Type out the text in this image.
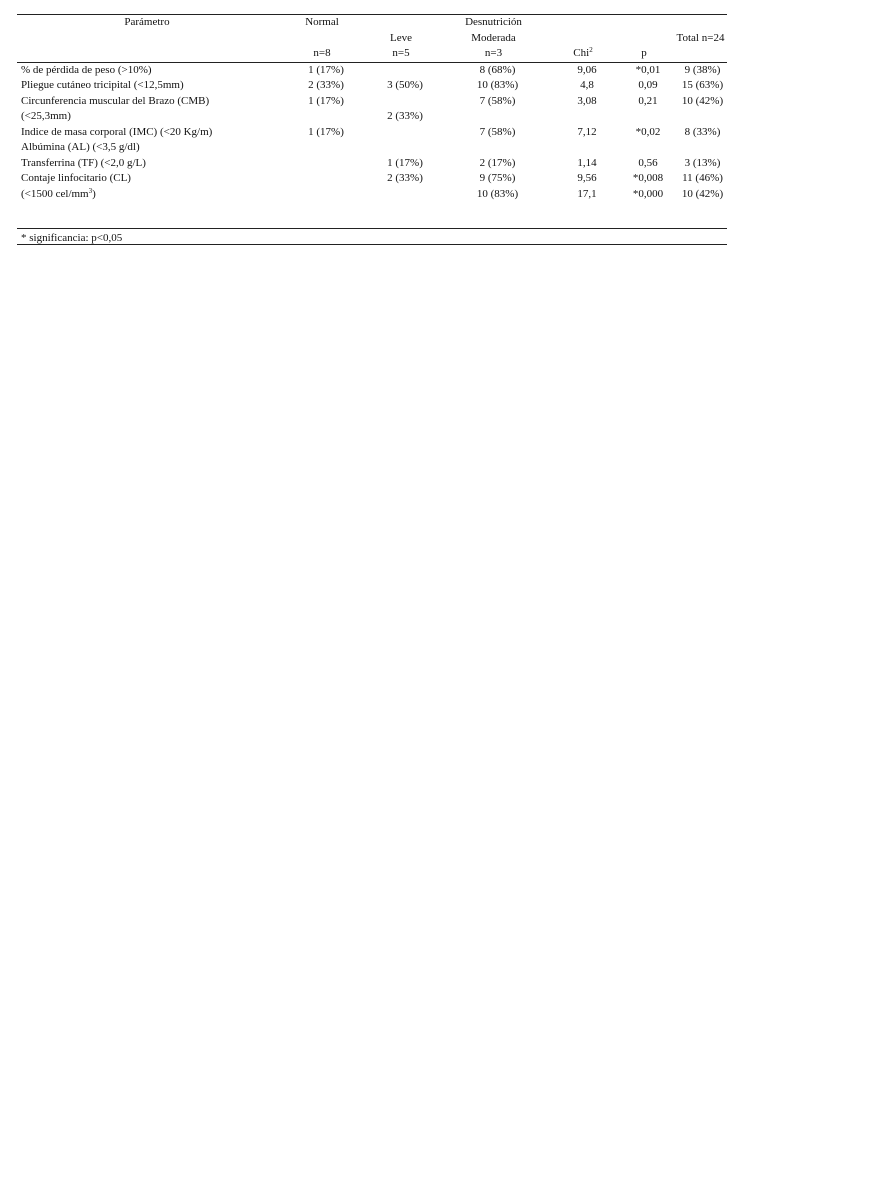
Parámetro	Normal		Desnutrición			
		Leve	Moderada			Total n=24
	n=8	n=5	n=3	Chi$^2$	p	
% de pérdida de peso (>10%)	1 (17%)		8 (68%)	9,06	*0,01	9 (38%)
Pliegue cutáneo tricipital (<12,5mm)	2 (33%)	3 (50%)	10 (83%)	4,8	0,09	15 (63%)
Circunferencia muscular del Brazo (CMB)	1 (17%)		7 (58%)	3,08	0,21	10 (42%)
(<25,3mm)		2 (33%)				
Indice de masa corporal (IMC) (<20 Kg/m)	1 (17%)		7 (58%)	7,12	*0,02	8 (33%)
Albúmina (AL) (<3,5 g/dl)						
Transferrina (TF) (<2,0 g/L)		1 (17%)	2 (17%)	1,14	0,56	3 (13%)
Contaje linfocitario (CL)		2 (33%)	9 (75%)	9,56	*0,008	11 (46%)
(<1500 cel/$mm^3$)			10 (83%)	17,1	*0,000	10 (42%)

* significancia: p<0,05
